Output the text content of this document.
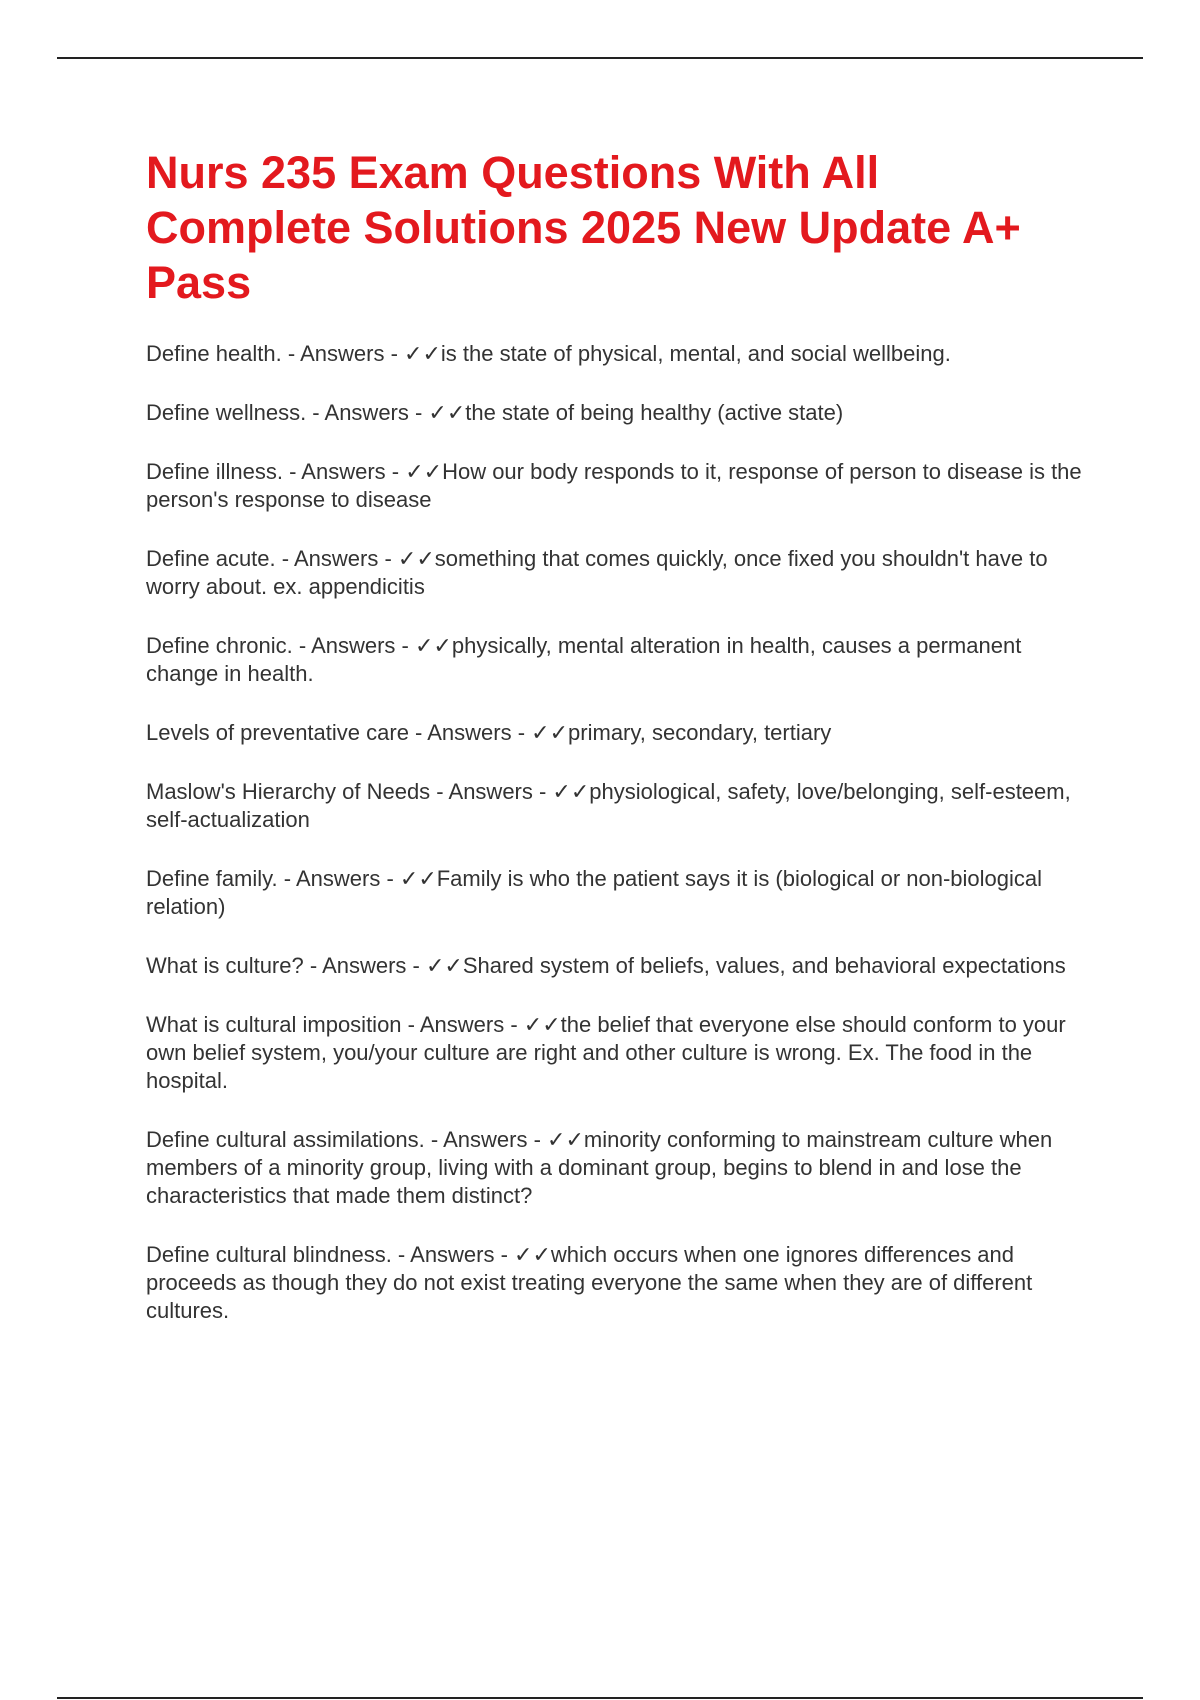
Nurs 235 Exam Questions With All Complete Solutions 2025 New Update A+ Pass
Define health. - Answers - ✓✓is the state of physical, mental, and social wellbeing.
Define wellness. - Answers - ✓✓the state of being healthy (active state)
Define illness. - Answers - ✓✓How our body responds to it, response of person to disease is the person's response to disease
Define acute. - Answers - ✓✓something that comes quickly, once fixed you shouldn't have to worry about. ex. appendicitis
Define chronic. - Answers - ✓✓physically, mental alteration in health, causes a permanent change in health.
Levels of preventative care - Answers - ✓✓primary, secondary, tertiary
Maslow's Hierarchy of Needs - Answers - ✓✓physiological, safety, love/belonging, self-esteem, self-actualization
Define family. - Answers - ✓✓Family is who the patient says it is (biological or non-biological relation)
What is culture? - Answers - ✓✓Shared system of beliefs, values, and behavioral expectations
What is cultural imposition - Answers - ✓✓the belief that everyone else should conform to your own belief system, you/your culture are right and other culture is wrong. Ex. The food in the hospital.
Define cultural assimilations. - Answers - ✓✓minority conforming to mainstream culture when members of a minority group, living with a dominant group, begins to blend in and lose the characteristics that made them distinct?
Define cultural blindness. - Answers - ✓✓which occurs when one ignores differences and proceeds as though they do not exist treating everyone the same when they are of different cultures.
